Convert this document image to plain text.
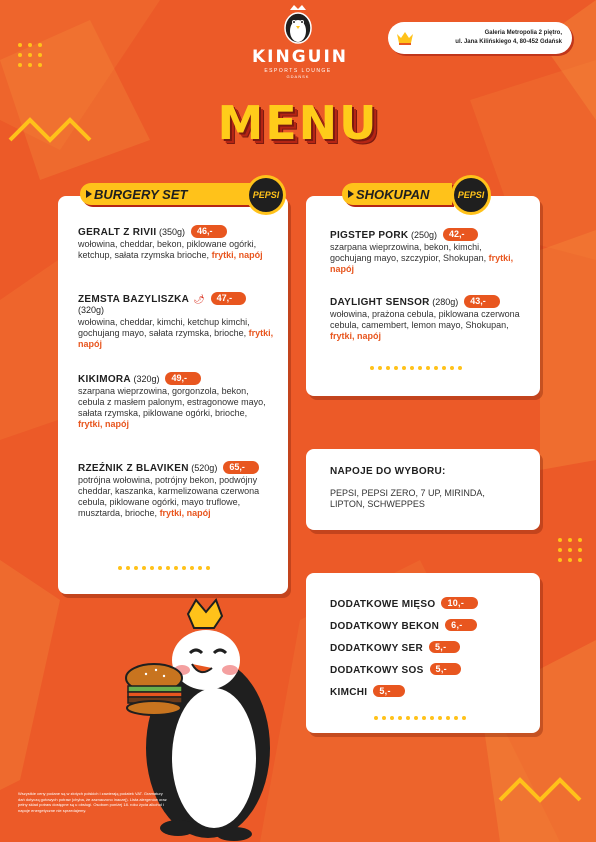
KINGUIN
ESPORTS LOUNGE
GDAŃSK
Galeria Metropolia 2 piętro,
ul. Jana Kilińskiego 4, 80-452 Gdańsk
MENU
BURGERY SET	PEPSI
GERALT Z RIVII (350g) 46,-
wołowina, cheddar, bekon, piklowane ogórki, ketchup, sałata rzymska brioche, frytki, napój
ZEMSTA BAZYLISZKA 🌶 47,-
(320g)
wołowina, cheddar, kimchi, ketchup kimchi, gochujang mayo, sałata rzymska, brioche, frytki, napój
KIKIMORA (320g) 49,-
szarpana wieprzowina, gorgonzola, bekon, cebula z masłem palonym, estragonowe mayo, sałata rzymska, piklowane ogórki, brioche, frytki, napój
RZEŹNIK Z BLAVIKEN (520g) 65,-
potrójna wołowina, potrójny bekon, podwójny cheddar, kaszanka, karmelizowana czerwona cebula, piklowane ogórki, mayo truflowe, musztarda, brioche, frytki, napój
SHOKUPAN	PEPSI
PIGSTEP PORK (250g) 42,-
szarpana wieprzowina, bekon, kimchi, gochujang mayo, szczypior, Shokupan, frytki, napój
DAYLIGHT SENSOR (280g) 43,-
wołowina, prażona cebula, piklowana czerwona cebula, camembert, lemon mayo, Shokupan, frytki, napój
NAPOJE DO WYBORU:
PEPSI, PEPSI ZERO, 7 UP, MIRINDA, LIPTON, SCHWEPPES
DODATKOWE MIĘSO 10,-
DODATKOWY BEKON 6,-
DODATKOWY SER 5,-
DODATKOWY SOS 5,-
KIMCHI 5,-
Wszystkie ceny podane są w złotych polskich i zawierają podatek VAT. Gramatury dań dotyczą gotowych potraw (chyba, że zaznaczono inaczej). Lista alergenów oraz pełny skład potraw dostępne są u obsługi. Osobom poniżej 18. roku życia alkohol i napoje energetyczne nie sprzedajemy.
